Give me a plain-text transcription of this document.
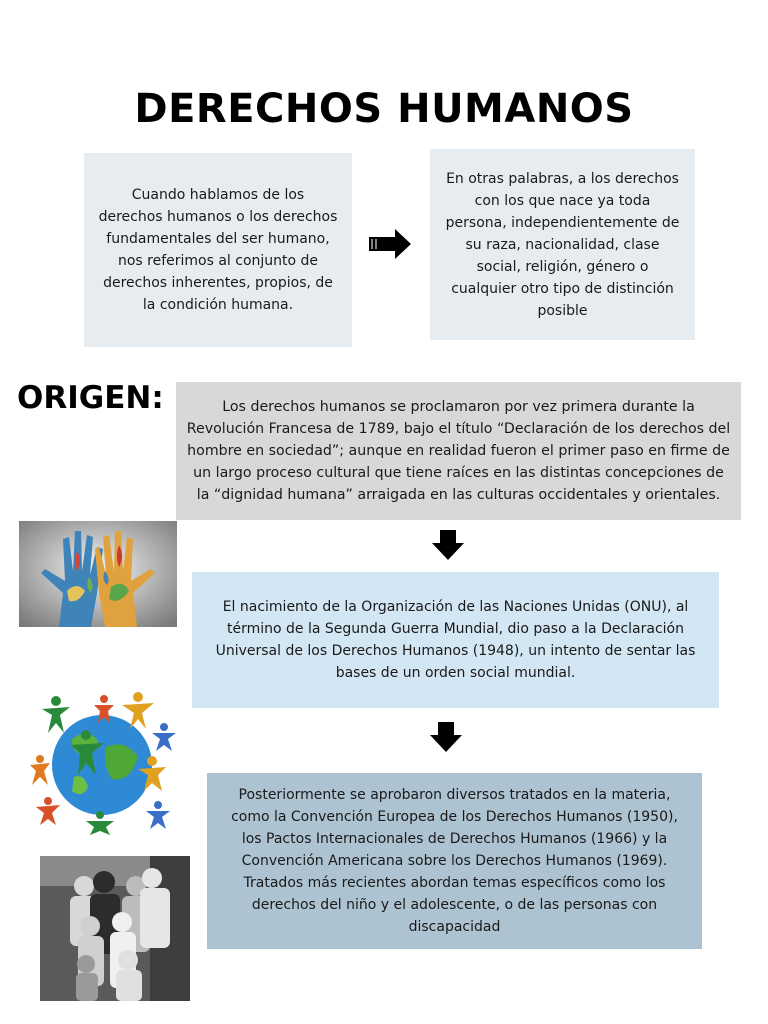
DERECHOS HUMANOS
Cuando hablamos de los derechos humanos o los derechos fundamentales del ser humano, nos referimos al conjunto de derechos inherentes, propios, de la condición humana.
En otras palabras, a los derechos con los que nace ya toda persona, independientemente de su raza, nacionalidad, clase social, religión, género o cualquier otro tipo de distinción posible
ORIGEN:	Los derechos humanos se proclamaron por vez primera durante la Revolución Francesa de 1789, bajo el título “Declaración de los derechos del hombre en sociedad”; aunque en realidad fueron el primer paso en firme de un largo proceso cultural que tiene raíces en las distintas concepciones de la “dignidad humana” arraigada en las culturas occidentales y orientales.
El nacimiento de la Organización de las Naciones Unidas (ONU), al término de la Segunda Guerra Mundial, dio paso a la Declaración Universal de los Derechos Humanos (1948), un intento de sentar las bases de un orden social mundial.
Posteriormente se aprobaron diversos tratados en la materia, como la Convención Europea de los Derechos Humanos (1950), los Pactos Internacionales de Derechos Humanos (1966) y la Convención Americana sobre los Derechos Humanos (1969). Tratados más recientes abordan temas específicos como los derechos del niño y el adolescente, o de las personas con discapacidad
